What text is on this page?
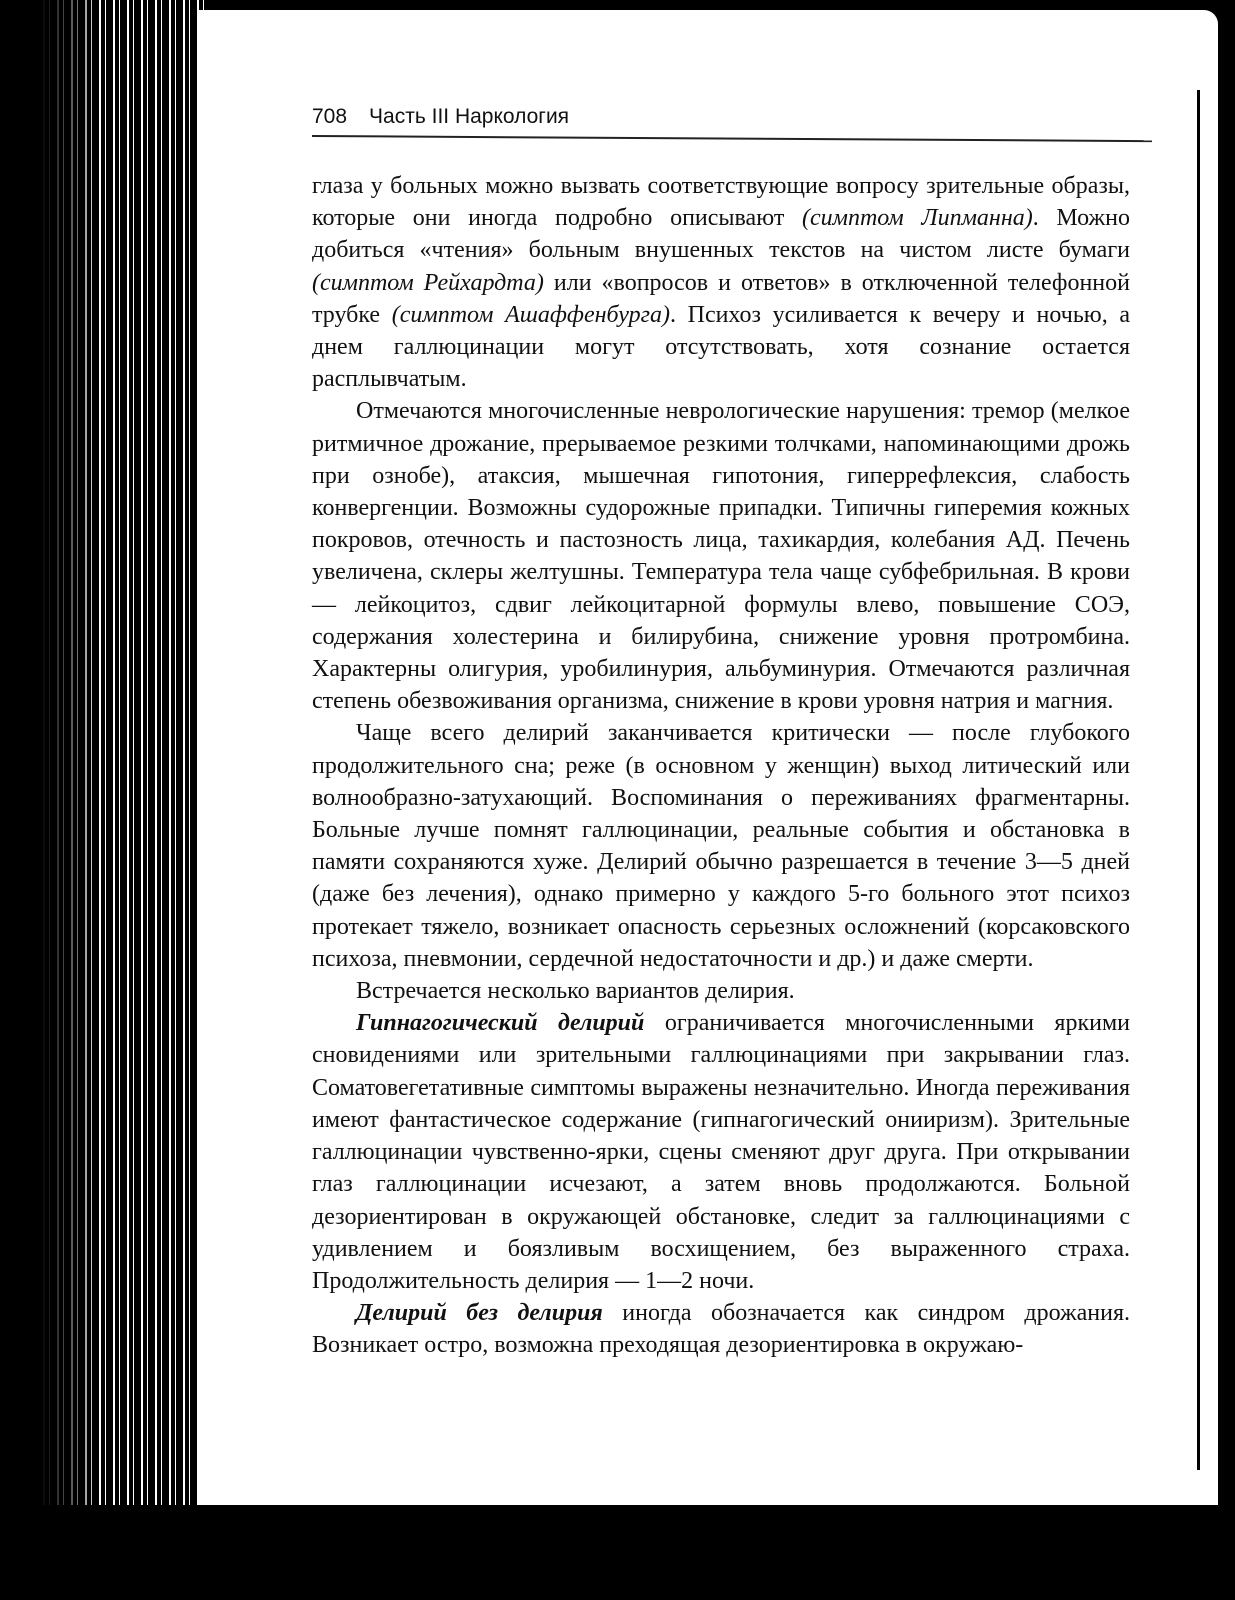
708 Часть III Наркология

глаза у больных можно вызвать соответствующие вопросу зрительные образы, которые они иногда подробно описывают (симптом Липманна). Можно добиться «чтения» больным внушенных текстов на чистом листе бумаги (симптом Рейхардта) или «вопросов и ответов» в отключенной телефонной трубке (симптом Ашаффенбурга). Психоз усиливается к вечеру и ночью, а днем галлюцинации могут отсутствовать, хотя сознание остается расплывчатым.

Отмечаются многочисленные неврологические нарушения: тремор (мелкое ритмичное дрожание, прерываемое резкими толчками, напоминающими дрожь при ознобе), атаксия, мышечная гипотония, гиперрефлексия, слабость конвергенции. Возможны судорожные припадки. Типичны гиперемия кожных покровов, отечность и пастозность лица, тахикардия, колебания АД. Печень увеличена, склеры желтушны. Температура тела чаще субфебрильная. В крови — лейкоцитоз, сдвиг лейкоцитарной формулы влево, повышение СОЭ, содержания холестерина и билирубина, снижение уровня протромбина. Характерны олигурия, уробилинурия, альбуминурия. Отмечаются различная степень обезвоживания организма, снижение в крови уровня натрия и магния.

Чаще всего делирий заканчивается критически — после глубокого продолжительного сна; реже (в основном у женщин) выход литический или волнообразно-затухающий. Воспоминания о переживаниях фрагментарны. Больные лучше помнят галлюцинации, реальные события и обстановка в памяти сохраняются хуже. Делирий обычно разрешается в течение 3—5 дней (даже без лечения), однако примерно у каждого 5-го больного этот психоз протекает тяжело, возникает опасность серьезных осложнений (корсаковского психоза, пневмонии, сердечной недостаточности и др.) и даже смерти.

Встречается несколько вариантов делирия.

Гипнагогический делирий ограничивается многочисленными яркими сновидениями или зрительными галлюцинациями при закрывании глаз. Соматовегетативные симптомы выражены незначительно. Иногда переживания имеют фантастическое содержание (гипнагогический онииризм). Зрительные галлюцинации чувственно-ярки, сцены сменяют друг друга. При открывании глаз галлюцинации исчезают, а затем вновь продолжаются. Больной дезориентирован в окружающей обстановке, следит за галлюцинациями с удивлением и боязливым восхищением, без выраженного страха. Продолжительность делирия — 1—2 ночи.

Делирий без делирия иногда обозначается как синдром дрожания. Возникает остро, возможна преходящая дезориентировка в окружаю-
